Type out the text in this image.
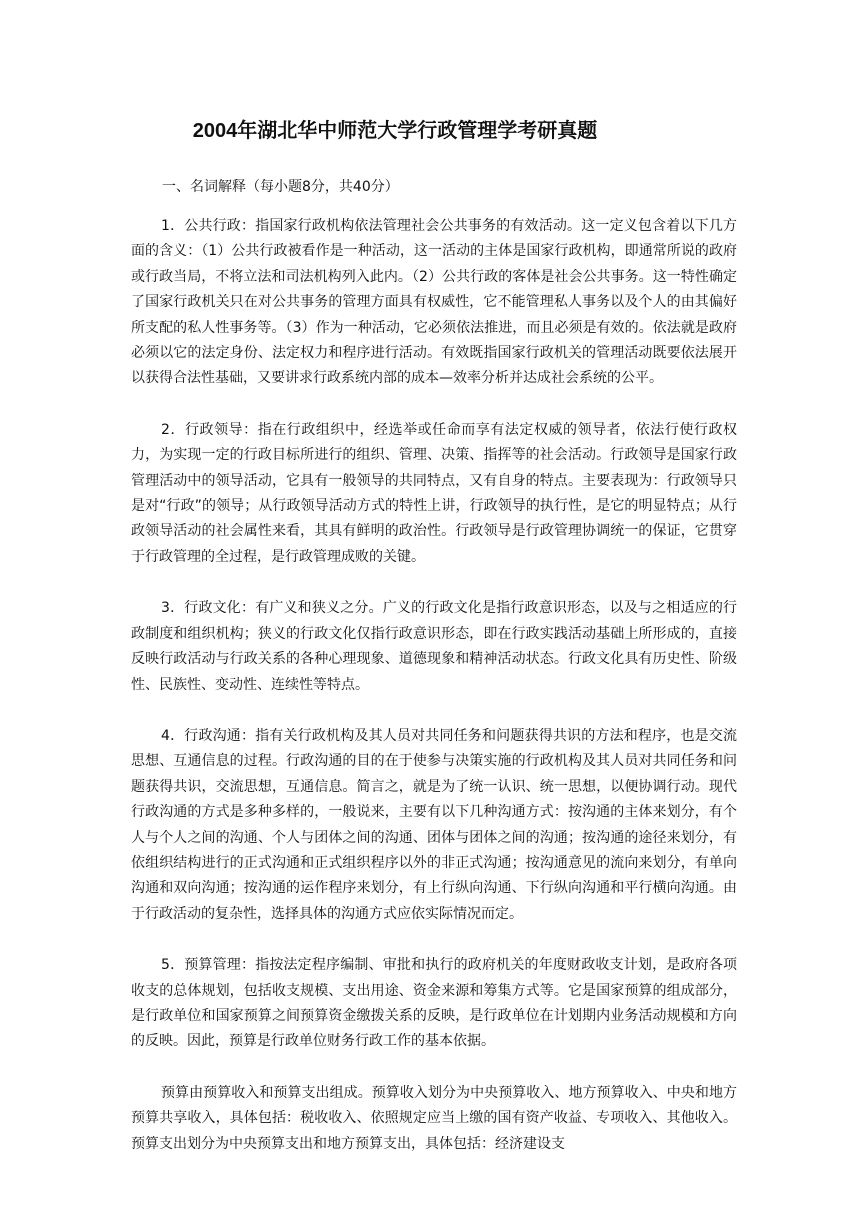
2004年湖北华中师范大学行政管理学考研真题

一、名词解释（每小题8分，共40分）

1．公共行政：指国家行政机构依法管理社会公共事务的有效活动。这一定义包含着以下几方面的含义：（1）公共行政被看作是一种活动，这一活动的主体是国家行政机构，即通常所说的政府或行政当局，不将立法和司法机构列入此内。（2）公共行政的客体是社会公共事务。这一特性确定了国家行政机关只在对公共事务的管理方面具有权威性，它不能管理私人事务以及个人的由其偏好所支配的私人性事务等。（3）作为一种活动，它必须依法推进，而且必须是有效的。依法就是政府必须以它的法定身份、法定权力和程序进行活动。有效既指国家行政机关的管理活动既要依法展开以获得合法性基础，又要讲求行政系统内部的成本—效率分析并达成社会系统的公平。

2．行政领导：指在行政组织中，经选举或任命而享有法定权威的领导者，依法行使行政权力，为实现一定的行政目标所进行的组织、管理、决策、指挥等的社会活动。行政领导是国家行政管理活动中的领导活动，它具有一般领导的共同特点，又有自身的特点。主要表现为：行政领导只是对“行政”的领导；从行政领导活动方式的特性上讲，行政领导的执行性，是它的明显特点；从行政领导活动的社会属性来看，其具有鲜明的政治性。行政领导是行政管理协调统一的保证，它贯穿于行政管理的全过程，是行政管理成败的关键。

3．行政文化：有广义和狭义之分。广义的行政文化是指行政意识形态，以及与之相适应的行政制度和组织机构；狭义的行政文化仅指行政意识形态，即在行政实践活动基础上所形成的，直接反映行政活动与行政关系的各种心理现象、道德现象和精神活动状态。行政文化具有历史性、阶级性、民族性、变动性、连续性等特点。

4．行政沟通：指有关行政机构及其人员对共同任务和问题获得共识的方法和程序，也是交流思想、互通信息的过程。行政沟通的目的在于使参与决策实施的行政机构及其人员对共同任务和问题获得共识，交流思想，互通信息。简言之，就是为了统一认识、统一思想，以便协调行动。现代行政沟通的方式是多种多样的，一般说来，主要有以下几种沟通方式：按沟通的主体来划分，有个人与个人之间的沟通、个人与团体之间的沟通、团体与团体之间的沟通；按沟通的途径来划分，有依组织结构进行的正式沟通和正式组织程序以外的非正式沟通；按沟通意见的流向来划分，有单向沟通和双向沟通；按沟通的运作程序来划分，有上行纵向沟通、下行纵向沟通和平行横向沟通。由于行政活动的复杂性，选择具体的沟通方式应依实际情况而定。

5．预算管理：指按法定程序编制、审批和执行的政府机关的年度财政收支计划，是政府各项收支的总体规划，包括收支规模、支出用途、资金来源和筹集方式等。它是国家预算的组成部分，是行政单位和国家预算之间预算资金缴拨关系的反映，是行政单位在计划期内业务活动规模和方向的反映。因此，预算是行政单位财务行政工作的基本依据。

预算由预算收入和预算支出组成。预算收入划分为中央预算收入、地方预算收入、中央和地方预算共享收入，具体包括：税收收入、依照规定应当上缴的国有资产收益、专项收入、其他收入。预算支出划分为中央预算支出和地方预算支出，具体包括：经济建设支
